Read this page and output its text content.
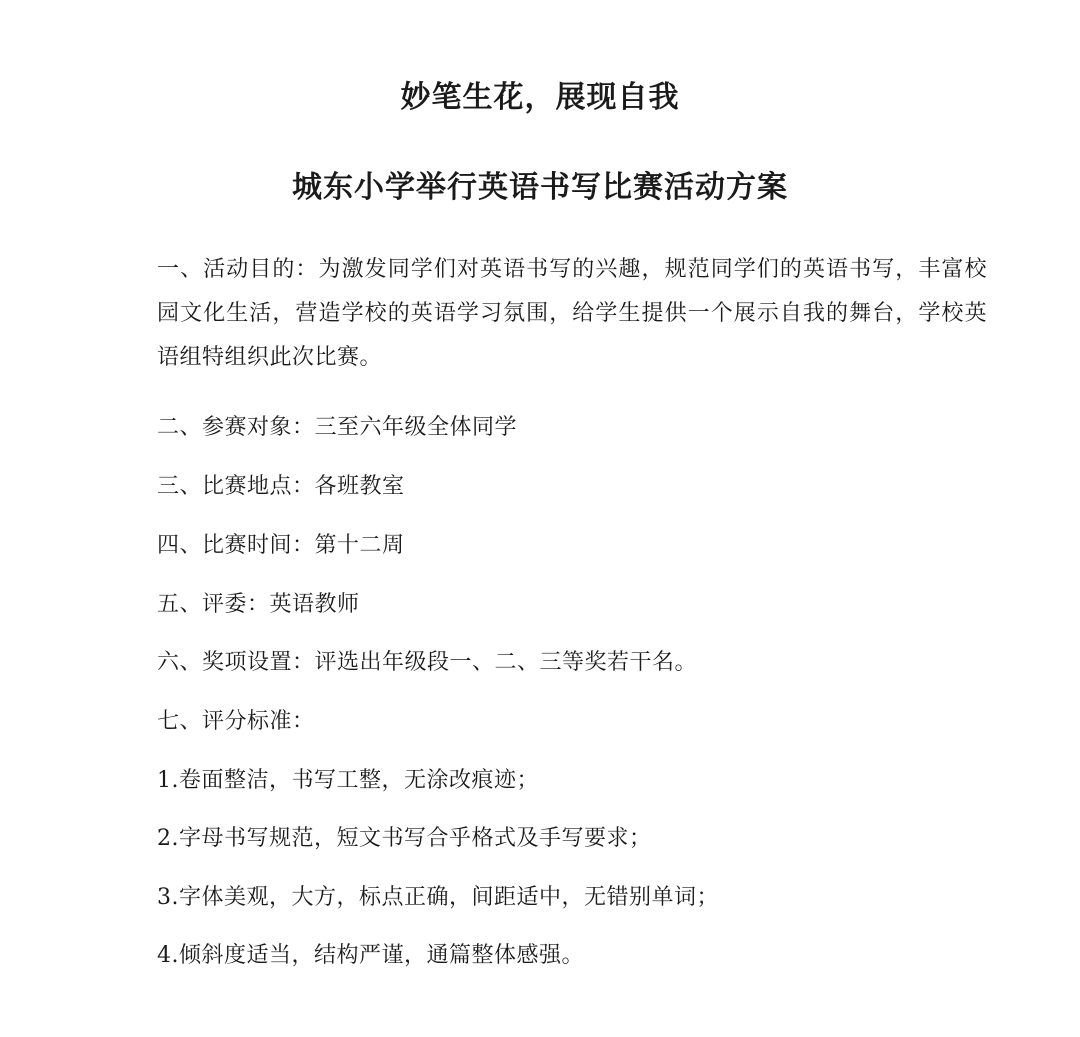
妙笔生花，展现自我
城东小学举行英语书写比赛活动方案

一、活动目的：为激发同学们对英语书写的兴趣，规范同学们的英语书写，丰富校园文化生活，营造学校的英语学习氛围，给学生提供一个展示自我的舞台，学校英语组特组织此次比赛。

二、参赛对象：三至六年级全体同学

三、比赛地点：各班教室

四、比赛时间：第十二周

五、评委：英语教师

六、奖项设置：评选出年级段一、二、三等奖若干名。

七、评分标准：

1.卷面整洁，书写工整，无涂改痕迹；

2.字母书写规范，短文书写合乎格式及手写要求；

3.字体美观，大方，标点正确，间距适中，无错别单词；

4.倾斜度适当，结构严谨，通篇整体感强。
